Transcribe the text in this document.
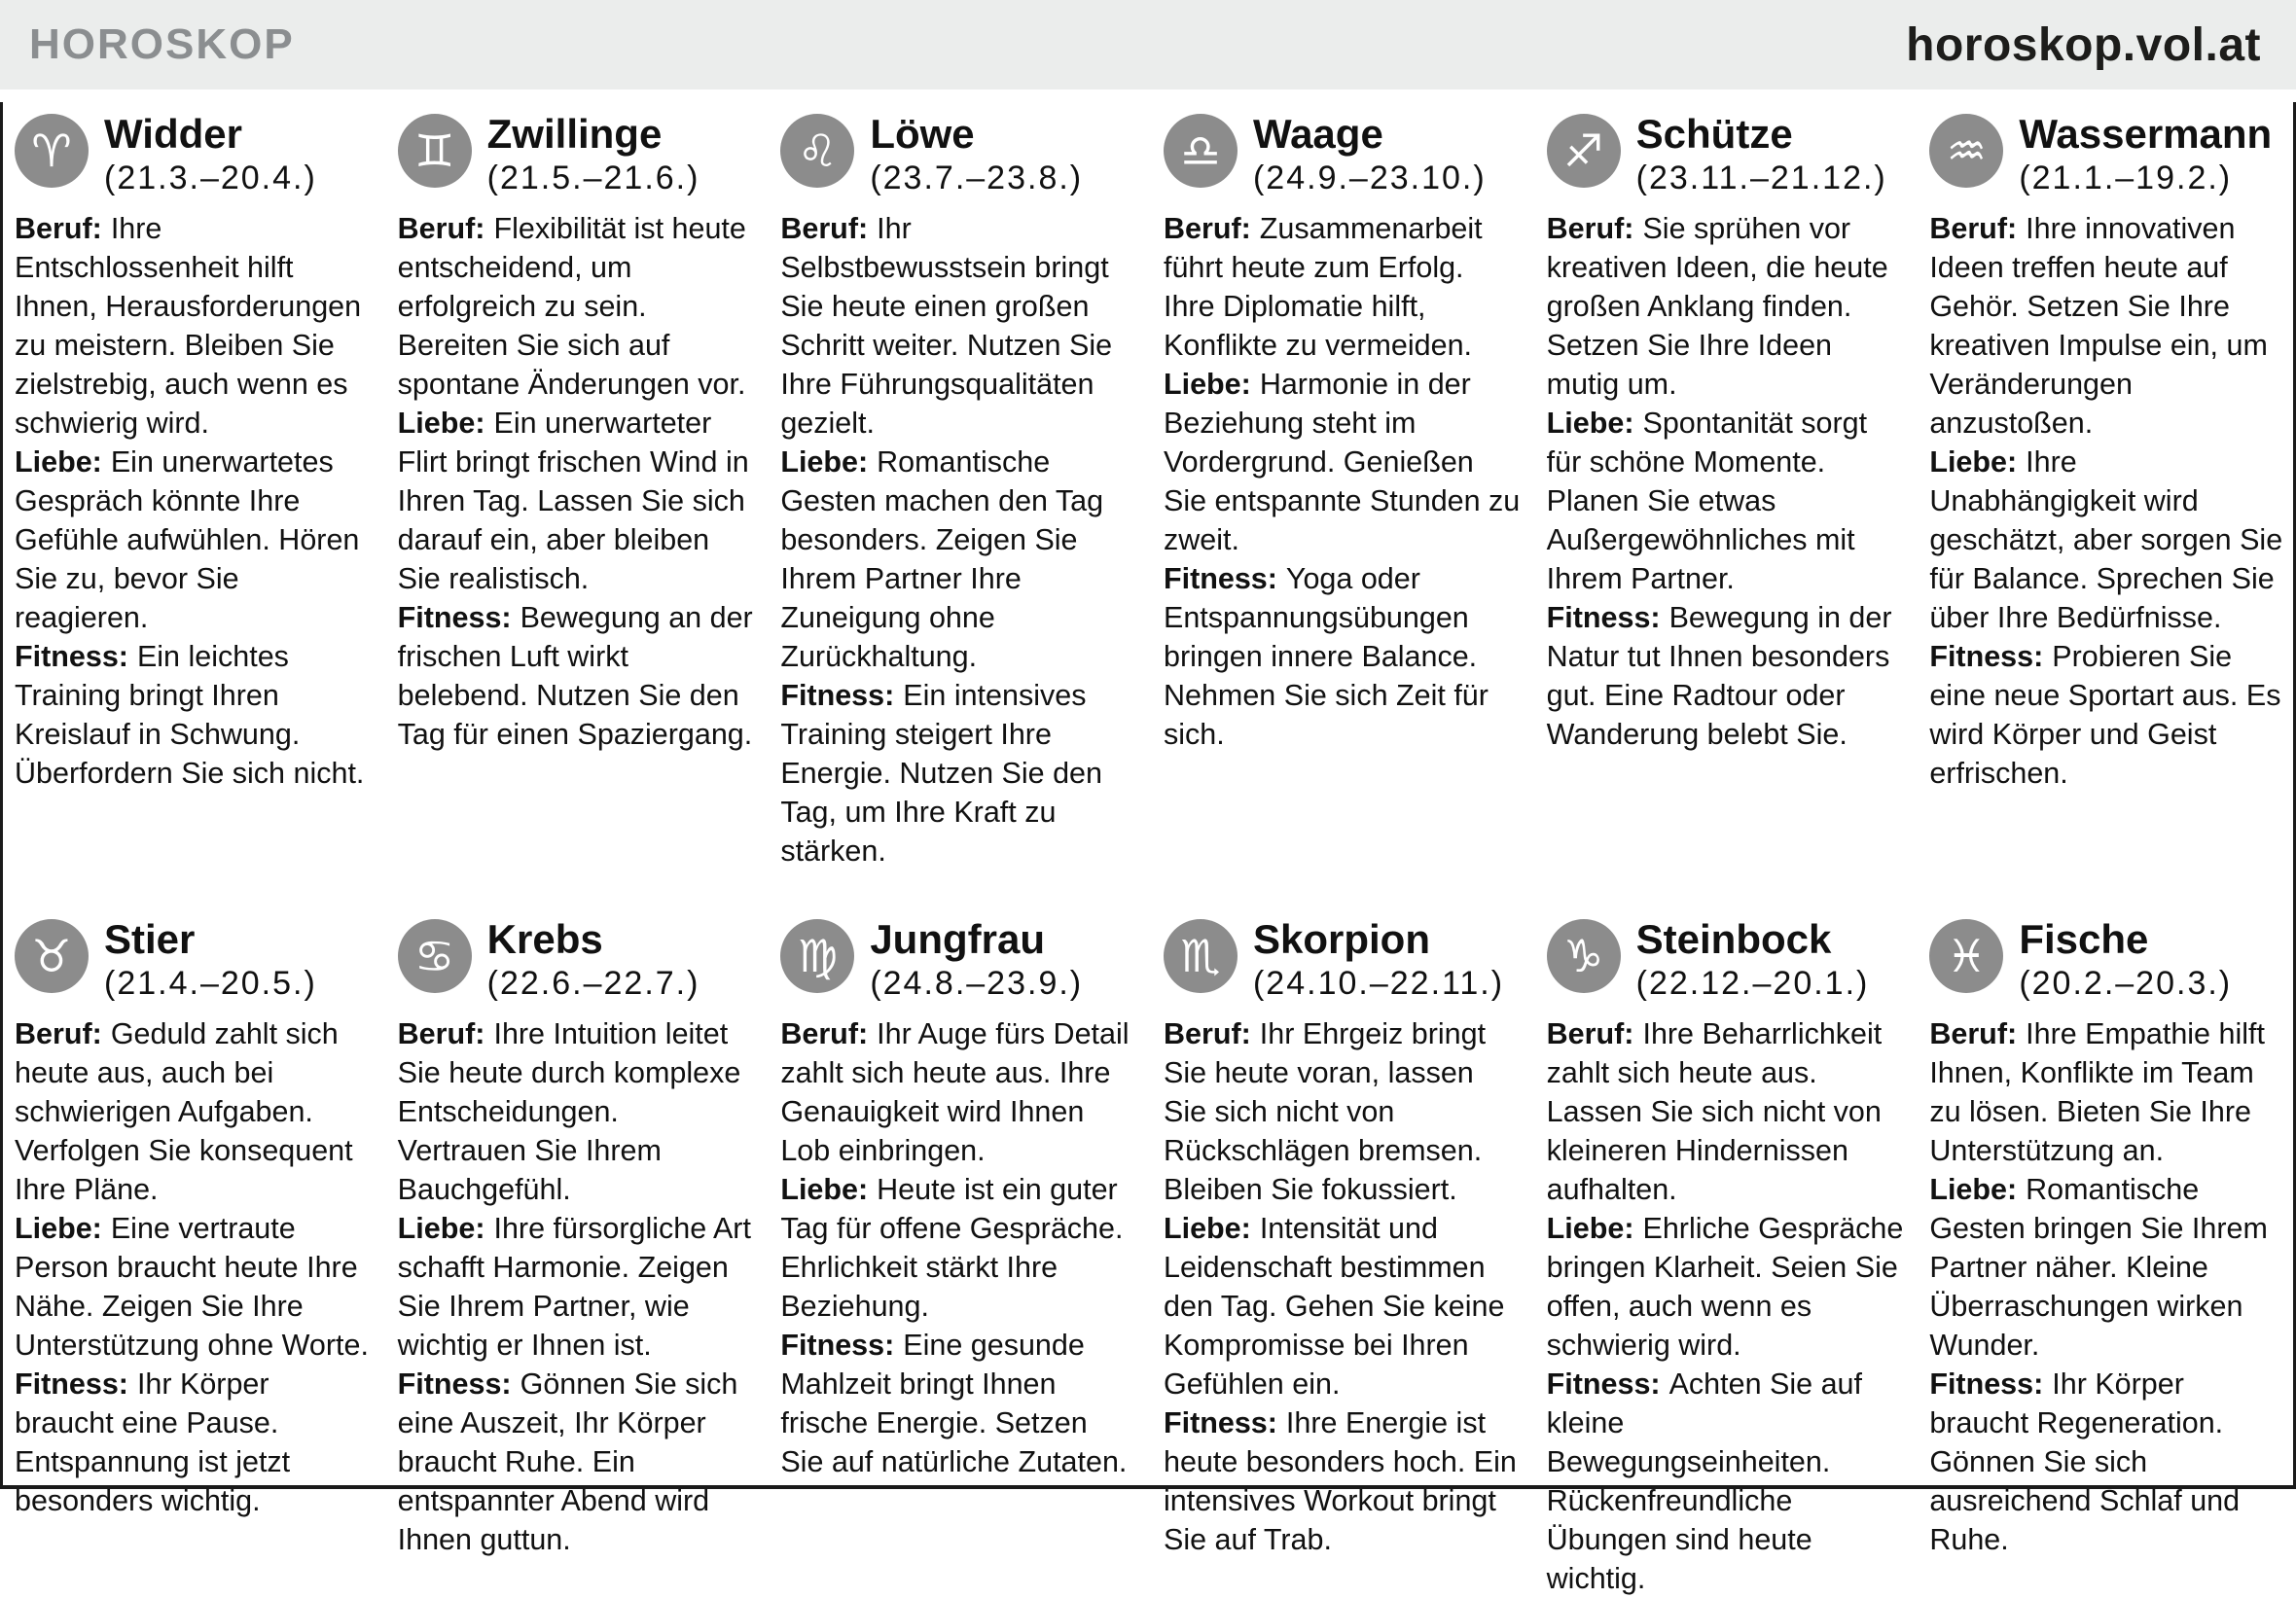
HOROSKOP	horoskop.vol.at
♈ Widder
(21.3.–20.4.)

Beruf: Ihre Entschlossenheit hilft Ihnen, Herausforderungen zu meistern. Bleiben Sie zielstrebig, auch wenn es schwierig wird.

Liebe: Ein unerwartetes Gespräch könnte Ihre Gefühle aufwühlen. Hören Sie zu, bevor Sie reagieren.

Fitness: Ein leichtes Training bringt Ihren Kreislauf in Schwung. Überfordern Sie sich nicht.

♊ Zwillinge
(21.5.–21.6.)

Beruf: Flexibilität ist heute entscheidend, um erfolgreich zu sein. Bereiten Sie sich auf spontane Änderungen vor.

Liebe: Ein unerwarteter Flirt bringt frischen Wind in Ihren Tag. Lassen Sie sich darauf ein, aber bleiben Sie realistisch.

Fitness: Bewegung an der frischen Luft wirkt belebend. Nutzen Sie den Tag für einen Spaziergang.

♌ Löwe
(23.7.–23.8.)

Beruf: Ihr Selbstbewusstsein bringt Sie heute einen großen Schritt weiter. Nutzen Sie Ihre Führungsqualitäten gezielt.

Liebe: Romantische Gesten machen den Tag besonders. Zeigen Sie Ihrem Partner Ihre Zuneigung ohne Zurückhaltung.

Fitness: Ein intensives Training steigert Ihre Energie. Nutzen Sie den Tag, um Ihre Kraft zu stärken.

♎ Waage
(24.9.–23.10.)

Beruf: Zusammenarbeit führt heute zum Erfolg. Ihre Diplomatie hilft, Konflikte zu vermeiden.

Liebe: Harmonie in der Beziehung steht im Vordergrund. Genießen Sie entspannte Stunden zu zweit.

Fitness: Yoga oder Entspannungsübungen bringen innere Balance. Nehmen Sie sich Zeit für sich.

♐ Schütze
(23.11.–21.12.)

Beruf: Sie sprühen vor kreativen Ideen, die heute großen Anklang finden. Setzen Sie Ihre Ideen mutig um.

Liebe: Spontanität sorgt für schöne Momente. Planen Sie etwas Außergewöhnliches mit Ihrem Partner.

Fitness: Bewegung in der Natur tut Ihnen besonders gut. Eine Radtour oder Wanderung belebt Sie.

♒ Wassermann
(21.1.–19.2.)

Beruf: Ihre innovativen Ideen treffen heute auf Gehör. Setzen Sie Ihre kreativen Impulse ein, um Veränderungen anzustoßen.

Liebe: Ihre Unabhängigkeit wird geschätzt, aber sorgen Sie für Balance. Sprechen Sie über Ihre Bedürfnisse.

Fitness: Probieren Sie eine neue Sportart aus. Es wird Körper und Geist erfrischen.

♉ Stier
(21.4.–20.5.)

Beruf: Geduld zahlt sich heute aus, auch bei schwierigen Aufgaben. Verfolgen Sie konsequent Ihre Pläne.

Liebe: Eine vertraute Person braucht heute Ihre Nähe. Zeigen Sie Ihre Unterstützung ohne Worte.

Fitness: Ihr Körper braucht eine Pause. Entspannung ist jetzt besonders wichtig.

♋ Krebs
(22.6.–22.7.)

Beruf: Ihre Intuition leitet Sie heute durch komplexe Entscheidungen. Vertrauen Sie Ihrem Bauchgefühl.

Liebe: Ihre fürsorgliche Art schafft Harmonie. Zeigen Sie Ihrem Partner, wie wichtig er Ihnen ist.

Fitness: Gönnen Sie sich eine Auszeit, Ihr Körper braucht Ruhe. Ein entspannter Abend wird Ihnen guttun.

♍ Jungfrau
(24.8.–23.9.)

Beruf: Ihr Auge fürs Detail zahlt sich heute aus. Ihre Genauigkeit wird Ihnen Lob einbringen.

Liebe: Heute ist ein guter Tag für offene Gespräche. Ehrlichkeit stärkt Ihre Beziehung.

Fitness: Eine gesunde Mahlzeit bringt Ihnen frische Energie. Setzen Sie auf natürliche Zutaten.

♏ Skorpion
(24.10.–22.11.)

Beruf: Ihr Ehrgeiz bringt Sie heute voran, lassen Sie sich nicht von Rückschlägen bremsen. Bleiben Sie fokussiert.

Liebe: Intensität und Leidenschaft bestimmen den Tag. Gehen Sie keine Kompromisse bei Ihren Gefühlen ein.

Fitness: Ihre Energie ist heute besonders hoch. Ein intensives Workout bringt Sie auf Trab.

♑ Steinbock
(22.12.–20.1.)

Beruf: Ihre Beharrlichkeit zahlt sich heute aus. Lassen Sie sich nicht von kleineren Hindernissen aufhalten.

Liebe: Ehrliche Gespräche bringen Klarheit. Seien Sie offen, auch wenn es schwierig wird.

Fitness: Achten Sie auf kleine Bewegungseinheiten. Rückenfreundliche Übungen sind heute wichtig.

♓ Fische
(20.2.–20.3.)

Beruf: Ihre Empathie hilft Ihnen, Konflikte im Team zu lösen. Bieten Sie Ihre Unterstützung an.

Liebe: Romantische Gesten bringen Sie Ihrem Partner näher. Kleine Überraschungen wirken Wunder.

Fitness: Ihr Körper braucht Regeneration. Gönnen Sie sich ausreichend Schlaf und Ruhe.
